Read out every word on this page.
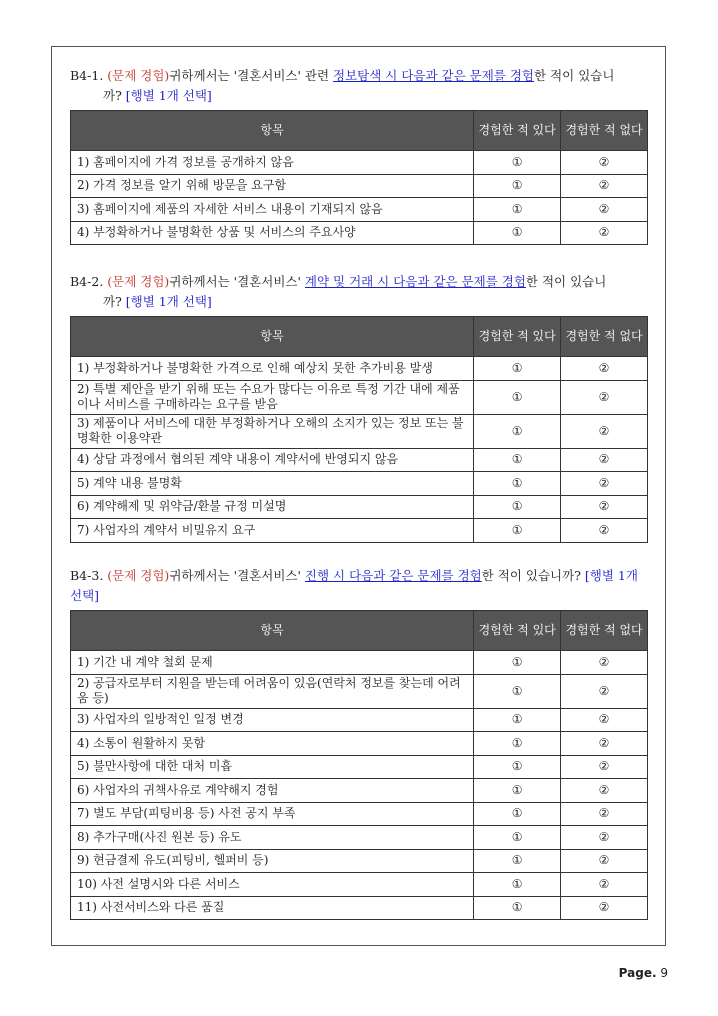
B4-1. (문제 경험)귀하께서는 '결혼서비스' 관련 정보탐색 시 다음과 같은 문제를 경험한 적이 있습니
까? [행별 1개 선택]
항목	경험한 적 있다	경험한 적 없다
1) 홈페이지에 가격 정보를 공개하지 않음	①	②
2) 가격 정보를 알기 위해 방문을 요구함	①	②
3) 홈페이지에 제품의 자세한 서비스 내용이 기재되지 않음	①	②
4) 부정확하거나 불명확한 상품 및 서비스의 주요사양	①	②
B4-2. (문제 경험)귀하께서는 '결혼서비스' 계약 및 거래 시 다음과 같은 문제를 경험한 적이 있습니
까? [행별 1개 선택]
항목	경험한 적 있다	경험한 적 없다
1) 부정확하거나 불명확한 가격으로 인해 예상치 못한 추가비용 발생	①	②
2) 특별 제안을 받기 위해 또는 수요가 많다는 이유로 특정 기간 내에 제품이나 서비스를 구매하라는 요구를 받음	①	②
3) 제품이나 서비스에 대한 부정확하거나 오해의 소지가 있는 정보 또는 불명확한 이용약관	①	②
4) 상담 과정에서 협의된 계약 내용이 계약서에 반영되지 않음	①	②
5) 계약 내용 불명확	①	②
6) 계약해제 및 위약금/환불 규정 미설명	①	②
7) 사업자의 계약서 비밀유지 요구	①	②
B4-3. (문제 경험)귀하께서는 '결혼서비스' 진행 시 다음과 같은 문제를 경험한 적이 있습니까? [행별 1개 선택]
항목	경험한 적 있다	경험한 적 없다
1) 기간 내 계약 철회 문제	①	②
2) 공급자로부터 지원을 받는데 어려움이 있음(연락처 정보를 찾는데 어려움 등)	①	②
3) 사업자의 일방적인 일정 변경	①	②
4) 소통이 원활하지 못함	①	②
5) 불만사항에 대한 대처 미흡	①	②
6) 사업자의 귀책사유로 계약해지 경험	①	②
7) 별도 부담(피팅비용 등) 사전 공지 부족	①	②
8) 추가구매(사진 원본 등) 유도	①	②
9) 현금결제 유도(피팅비, 헬퍼비 등)	①	②
10) 사전 설명시와 다른 서비스	①	②
11) 사전서비스와 다른 품질	①	②
Page. 9
